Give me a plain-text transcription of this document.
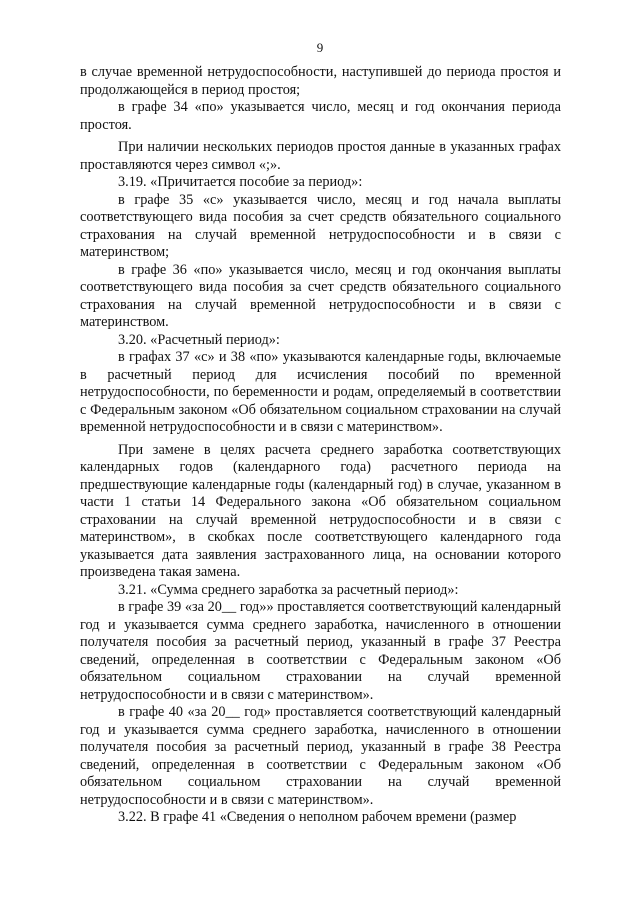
9

в случае временной нетрудоспособности, наступившей до периода простоя и продолжающейся в период простоя;

в графе 34 «по» указывается число, месяц и год окончания периода простоя.

При наличии нескольких периодов простоя данные в указанных графах проставляются через символ «;».

3.19. «Причитается пособие за период»:

в графе 35 «с» указывается число, месяц и год начала выплаты соответствующего вида пособия за счет средств обязательного социального страхования на случай временной нетрудоспособности и в связи с материнством;

в графе 36 «по» указывается число, месяц и год окончания выплаты соответствующего вида пособия за счет средств обязательного социального страхования на случай временной нетрудоспособности и в связи с материнством.

3.20. «Расчетный период»:

в графах 37 «с» и 38 «по» указываются календарные годы, включаемые в расчетный период для исчисления пособий по временной нетрудоспособности, по беременности и родам, определяемый в соответствии с Федеральным законом «Об обязательном социальном страховании на случай временной нетрудоспособности и в связи с материнством».

При замене в целях расчета среднего заработка соответствующих календарных годов (календарного года) расчетного периода на предшествующие календарные годы (календарный год) в случае, указанном в части 1 статьи 14 Федерального закона «Об обязательном социальном страховании на случай временной нетрудоспособности и в связи с материнством», в скобках после соответствующего календарного года указывается дата заявления застрахованного лица, на основании которого произведена такая замена.

3.21. «Сумма среднего заработка за расчетный период»:

в графе 39 «за 20__ год»» проставляется соответствующий календарный год и указывается сумма среднего заработка, начисленного в отношении получателя пособия за расчетный период, указанный в графе 37 Реестра сведений, определенная в соответствии с Федеральным законом «Об обязательном социальном страховании на случай временной нетрудоспособности и в связи с материнством».

в графе 40 «за 20__ год» проставляется соответствующий календарный год и указывается сумма среднего заработка, начисленного в отношении получателя пособия за расчетный период, указанный в графе 38 Реестра сведений, определенная в соответствии с Федеральным законом «Об обязательном социальном страховании на случай временной нетрудоспособности и в связи с материнством».

3.22. В графе 41 «Сведения о неполном рабочем времени (размер
